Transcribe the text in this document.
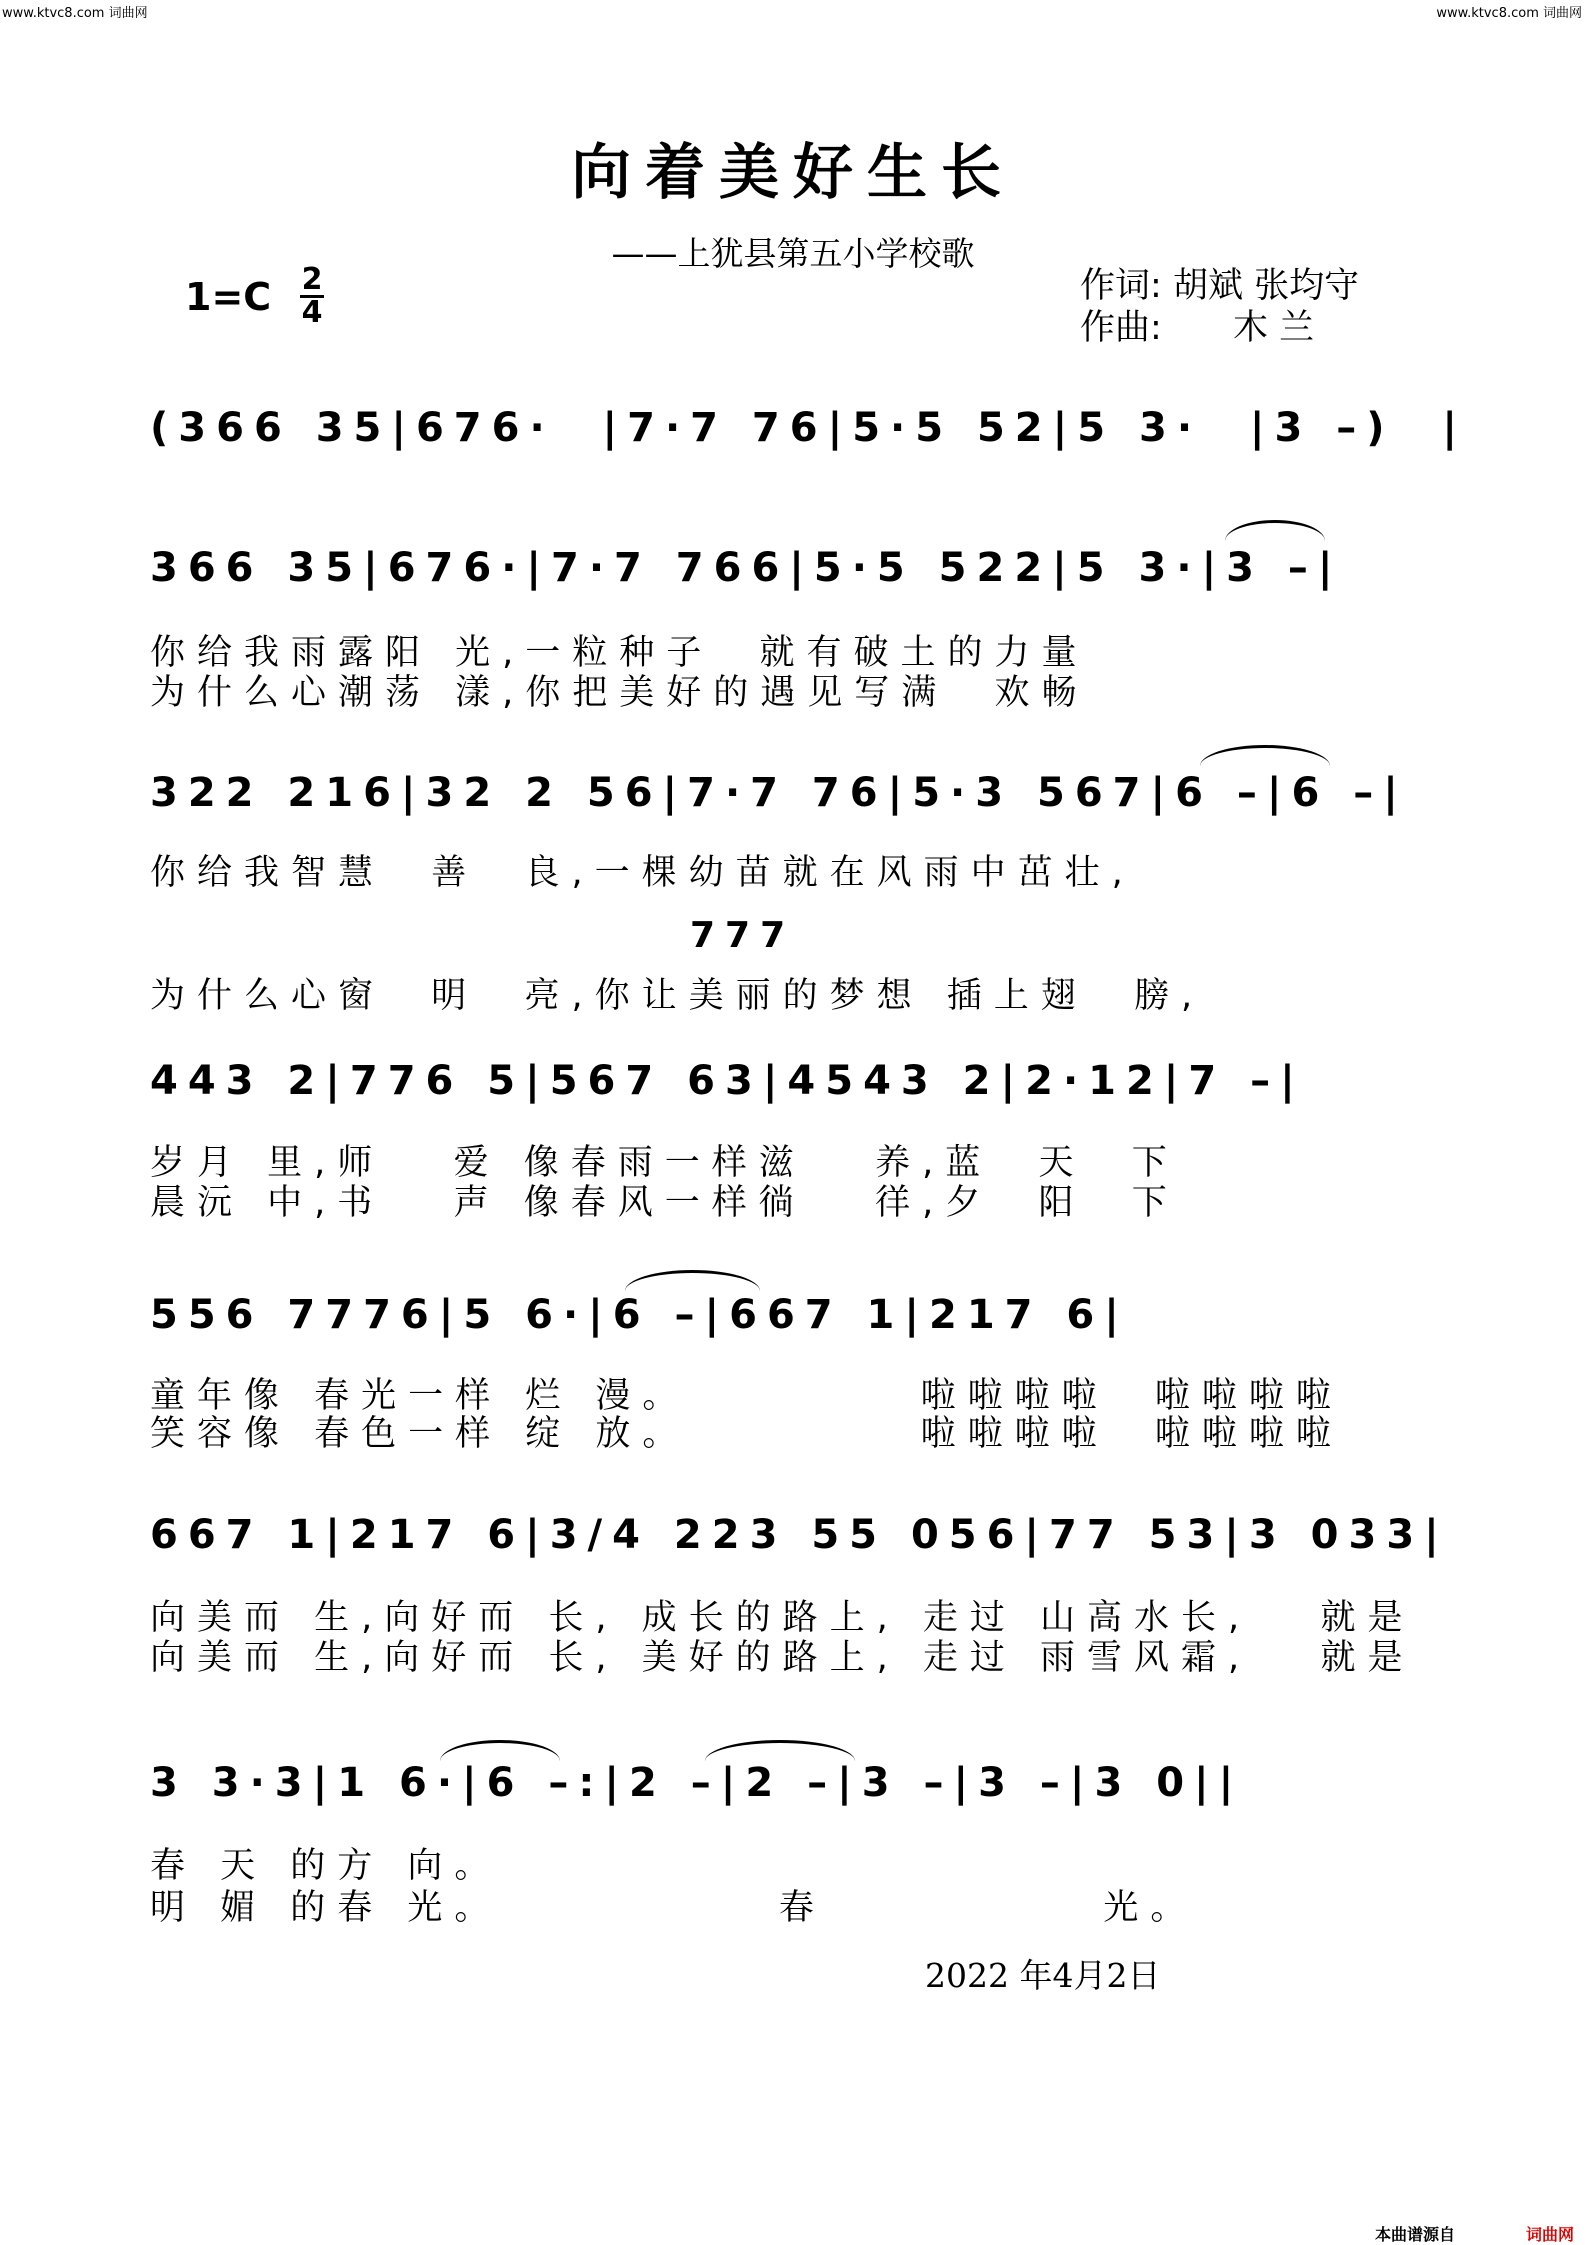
www.ktvc8.com 词曲网	www.ktvc8.com 词曲网
向着美好生长
——上犹县第五小学校歌
1=C 2
4
作词: 胡斌 张均守
作曲: 木 兰
(366 35|676·  |7·7 76|5·5 52|5 3·  |3 –)  |
366 35|676·|7·7 766|5·5 522|5 3·|3 –|
你给我雨露阳 光,一粒种子  就有破土的力量
为什么心潮荡 漾,你把美好的遇见写满  欢畅
322 216|32 2 56|7·7 76|5·3 567|6 –|6 –|
你给我智慧  善  良,一棵幼苗就在风雨中茁壮,
777
为什么心窗  明  亮,你让美丽的梦想 插上翅  膀,
443 2|776 5|567 63|4543 2|2·12|7 –|
岁月 里,师   爱 像春雨一样滋   养,蓝  天  下
晨沅 中,书   声 像春风一样徜   徉,夕  阳  下
556 7776|5 6·|6 –|667 1|217 6|
童年像 春光一样 烂 漫。          啦啦啦啦  啦啦啦啦
笑容像 春色一样 绽 放。          啦啦啦啦  啦啦啦啦
667 1|217 6|3/4 223 55 056|77 53|3 033|
向美而 生,向好而 长, 成长的路上, 走过 山高水长,   就是
向美而 生,向好而 长, 美好的路上, 走过 雨雪风霜,   就是
3 3·3|1 6·|6 –:|2 –|2 –|3 –|3 –|3 0||
春 天 的方 向。
明 媚 的春 光。            春            光。
2022 年4月2日
本曲谱源自	词曲网
